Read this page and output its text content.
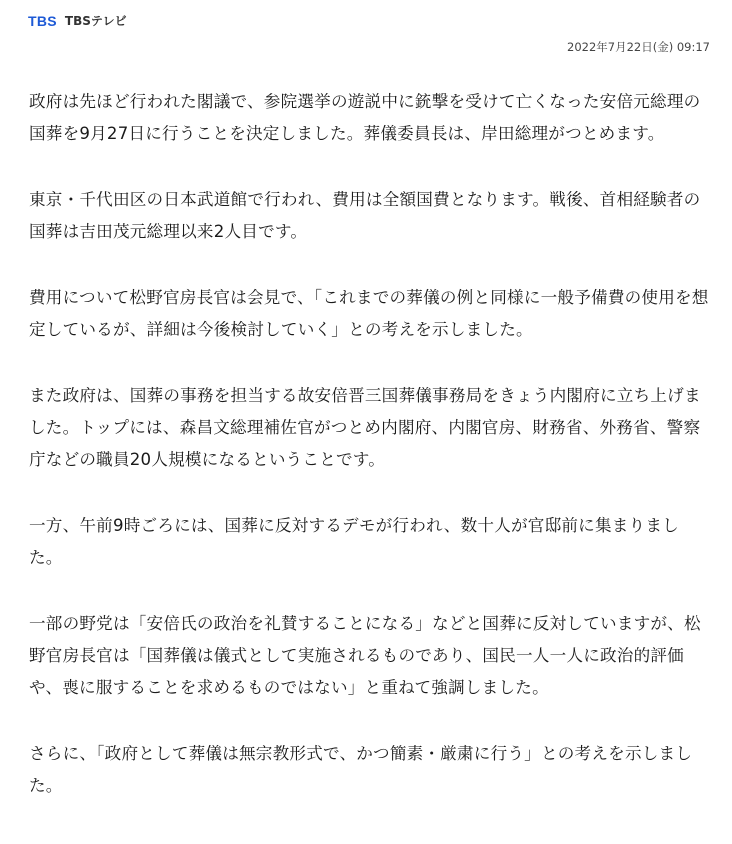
TBS TBSテレビ
2022年7月22日(金) 09:17

政府は先ほど行われた閣議で、参院選挙の遊説中に銃撃を受けて亡くなった安倍元総理の国葬を9月27日に行うことを決定しました。葬儀委員長は、岸田総理がつとめます。

東京・千代田区の日本武道館で行われ、費用は全額国費となります。戦後、首相経験者の国葬は吉田茂元総理以来2人目です。

費用について松野官房長官は会見で、「これまでの葬儀の例と同様に一般予備費の使用を想定しているが、詳細は今後検討していく」との考えを示しました。

また政府は、国葬の事務を担当する故安倍晋三国葬儀事務局をきょう内閣府に立ち上げました。トップには、森昌文総理補佐官がつとめ内閣府、内閣官房、財務省、外務省、警察庁などの職員20人規模になるということです。

一方、午前9時ごろには、国葬に反対するデモが行われ、数十人が官邸前に集まりました。

一部の野党は「安倍氏の政治を礼賛することになる」などと国葬に反対していますが、松野官房長官は「国葬儀は儀式として実施されるものであり、国民一人一人に政治的評価や、喪に服することを求めるものではない」と重ねて強調しました。

さらに、「政府として葬儀は無宗教形式で、かつ簡素・厳粛に行う」との考えを示しました。
